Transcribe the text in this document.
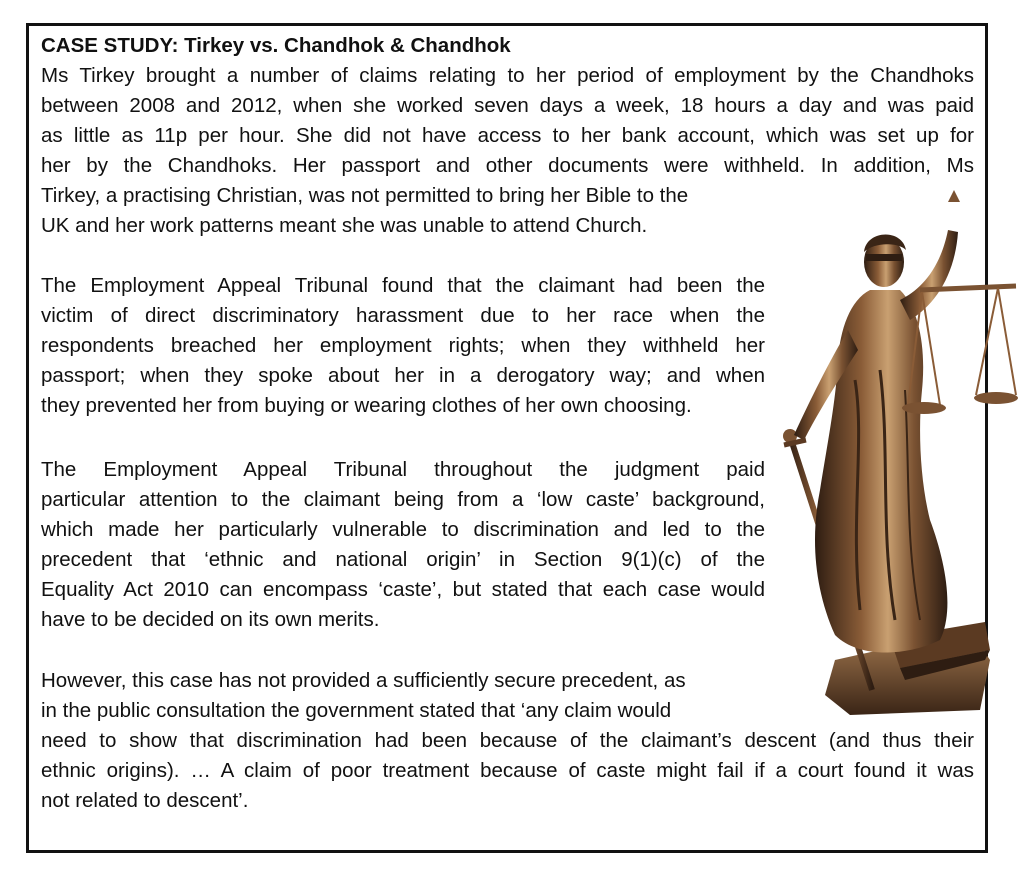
CASE STUDY: Tirkey vs. Chandhok & Chandhok
Ms Tirkey brought a number of claims relating to her period of employment by the Chandhoks
between 2008 and 2012, when she worked seven days a week, 18 hours a day and was paid
as little as 11p per hour. She did not have access to her bank account, which was set up for
her by the Chandhoks. Her passport and other documents were withheld. In addition, Ms
Tirkey, a practising Christian, was not permitted to bring her Bible to the
UK and her work patterns meant she was unable to attend Church.
The Employment Appeal Tribunal found that the claimant had been the
victim of direct discriminatory harassment due to her race when the
respondents breached her employment rights; when they withheld her
passport; when they spoke about her in a derogatory way; and when
they prevented her from buying or wearing clothes of her own choosing.
The Employment Appeal Tribunal throughout the judgment paid
particular attention to the claimant being from a ‘low caste’ background,
which made her particularly vulnerable to discrimination and led to the
precedent that ‘ethnic and national origin’ in Section 9(1)(c) of the
Equality Act 2010 can encompass ‘caste’, but stated that each case would
have to be decided on its own merits.
However, this case has not provided a sufficiently secure precedent, as
in the public consultation the government stated that ‘any claim would
need to show that discrimination had been because of the claimant’s descent (and thus their
ethnic origins). … A claim of poor treatment because of caste might fail if a court found it was
not related to descent’.
